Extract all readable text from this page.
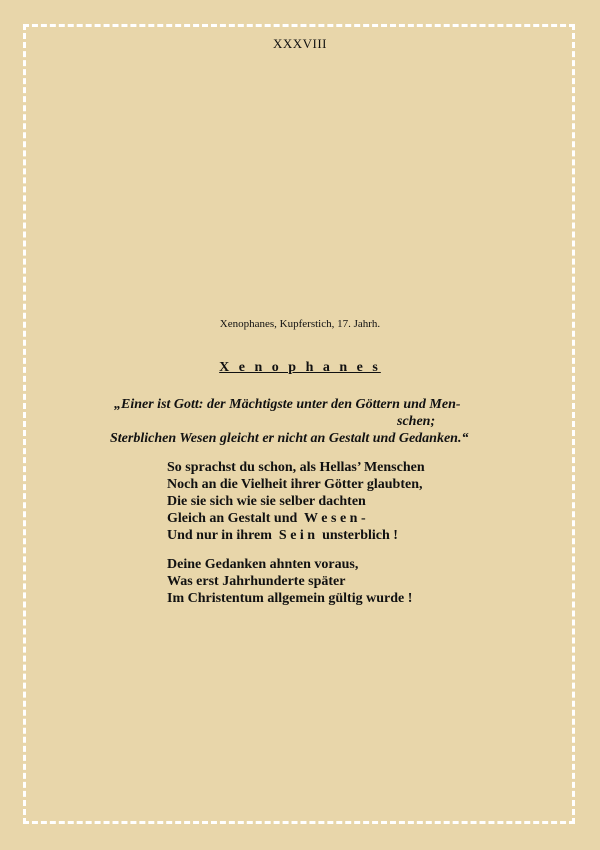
XXXVIII
Xenophanes, Kupferstich, 17. Jahrh.
X e n o p h a n e s
„Einer ist Gott: der Mächtigste unter den Göttern und Men-
schen;
Sterblichen Wesen gleicht er nicht an Gestalt und Gedanken.“
So sprachst du schon, als Hellas’ Menschen
Noch an die Vielheit ihrer Götter glaubten,
Die sie sich wie sie selber dachten
Gleich an Gestalt und  W e s e n -
Und nur in ihrem  S e i n  unsterblich !
Deine Gedanken ahnten voraus,
Was erst Jahrhunderte später
Im Christentum allgemein gültig wurde !
